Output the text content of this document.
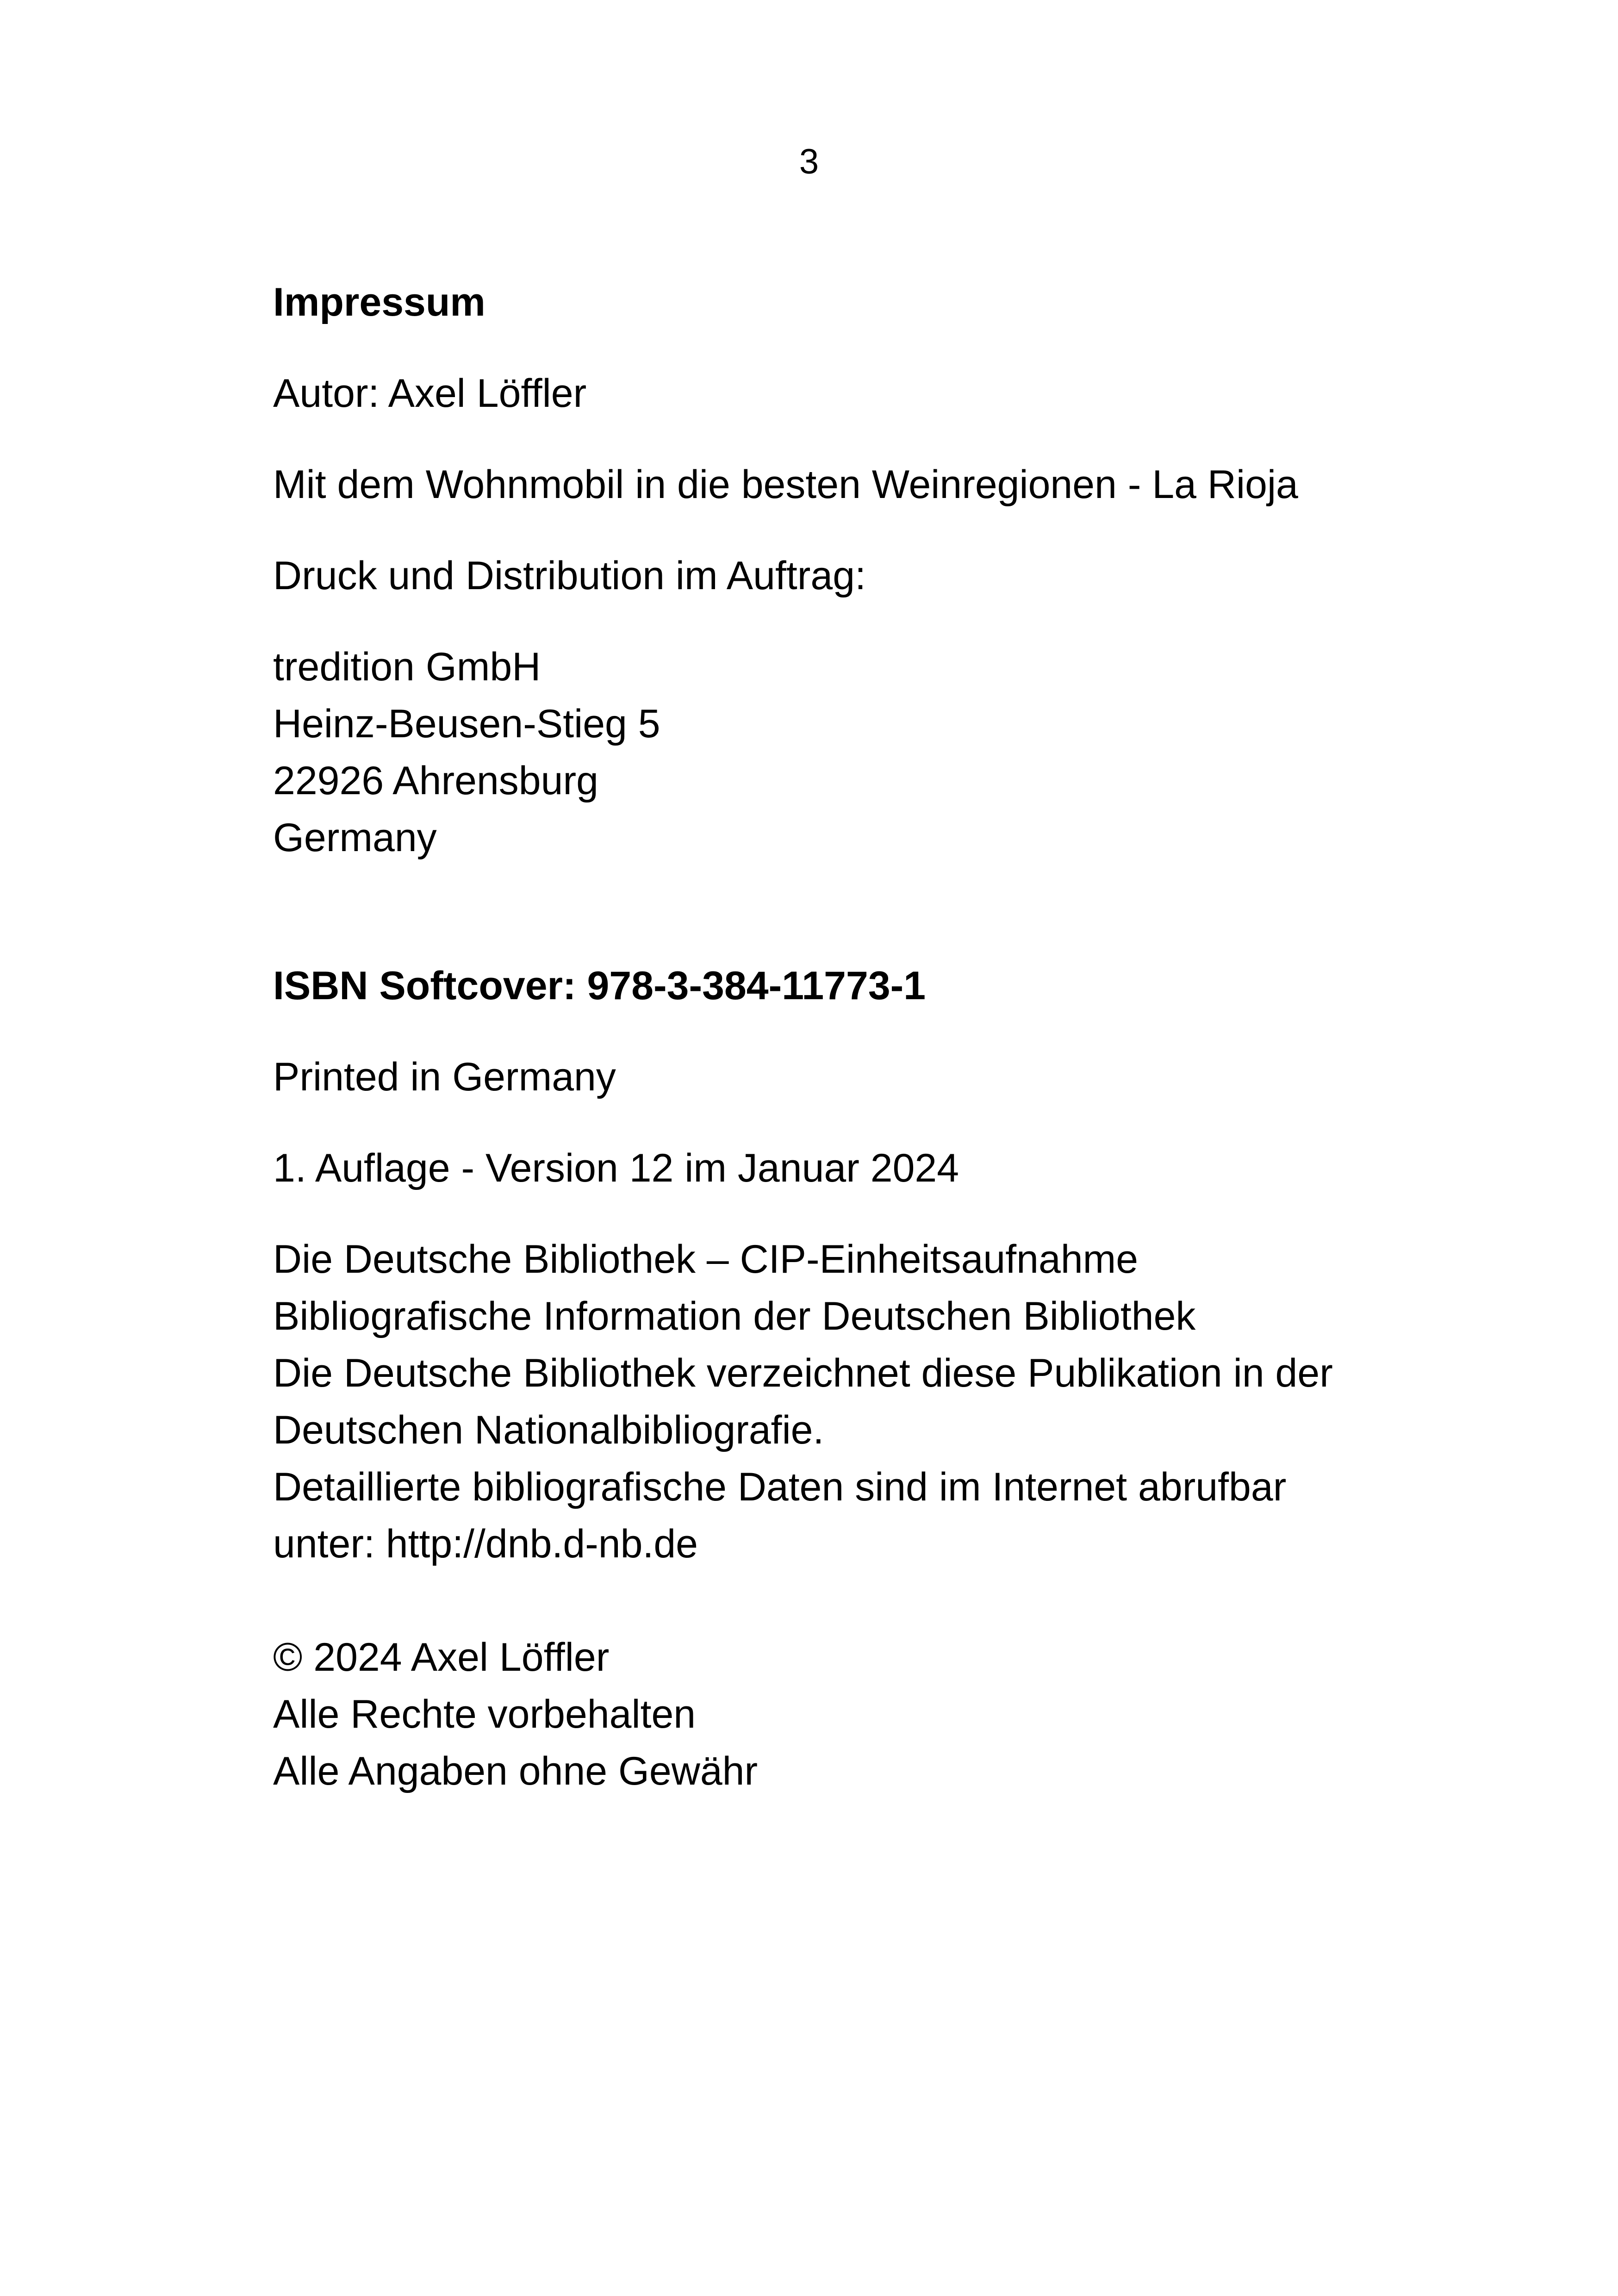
3
Impressum
Autor: Axel Löffler
Mit dem Wohnmobil in die besten Weinregionen - La Rioja
Druck und Distribution im Auftrag:
tredition GmbH
Heinz-Beusen-Stieg 5
22926 Ahrensburg
Germany
ISBN Softcover: 978-3-384-11773-1
Printed in Germany
1. Auflage - Version 12 im Januar 2024
Die Deutsche Bibliothek – CIP-Einheitsaufnahme
Bibliografische Information der Deutschen Bibliothek
Die Deutsche Bibliothek verzeichnet diese Publikation in der
Deutschen Nationalbibliografie.
Detaillierte bibliografische Daten sind im Internet abrufbar
unter: http://dnb.d-nb.de
© 2024 Axel Löffler
Alle Rechte vorbehalten
Alle Angaben ohne Gewähr
